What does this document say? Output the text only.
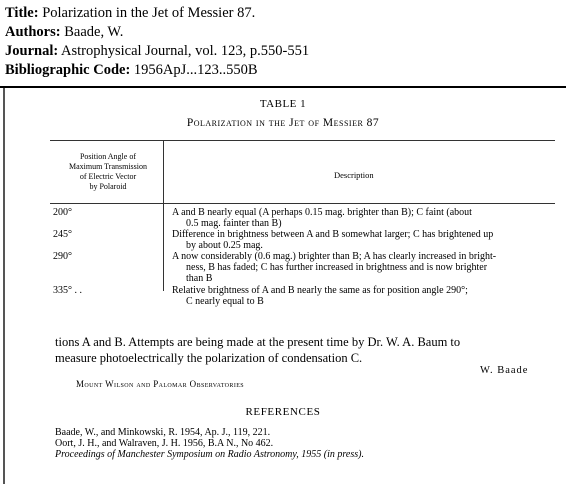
Title: Polarization in the Jet of Messier 87.
Authors: Baade, W.
Journal: Astrophysical Journal, vol. 123, p.550-551
Bibliographic Code: 1956ApJ...123..550B
TABLE 1
Polarization in the Jet of Messier 87
Position Angle of
Maximum Transmission
of Electric Vector
by Polaroid
Description
200°	A and B nearly equal (A perhaps 0.15 mag. brighter than B); C faint (about
0.5 mag. fainter than B)
245°	Difference in brightness between A and B somewhat larger; C has brightened up
by about 0.25 mag.
290°	A now considerably (0.6 mag.) brighter than B; A has clearly increased in bright-
ness, B has faded; C has further increased in brightness and is now brighter
than B
335° . .	Relative brightness of A and B nearly the same as for position angle 290°;
C nearly equal to B
tions A and B. Attempts are being made at the present time by Dr. W. A. Baum to
measure photoelectrically the polarization of condensation C.
W. Baade
Mount Wilson and Palomar Observatories
REFERENCES
Baade, W., and Minkowski, R. 1954, Ap. J., 119, 221.
Oort, J. H., and Walraven, J. H. 1956, B.A N., No 462.
Proceedings of Manchester Symposium on Radio Astronomy, 1955 (in press).
